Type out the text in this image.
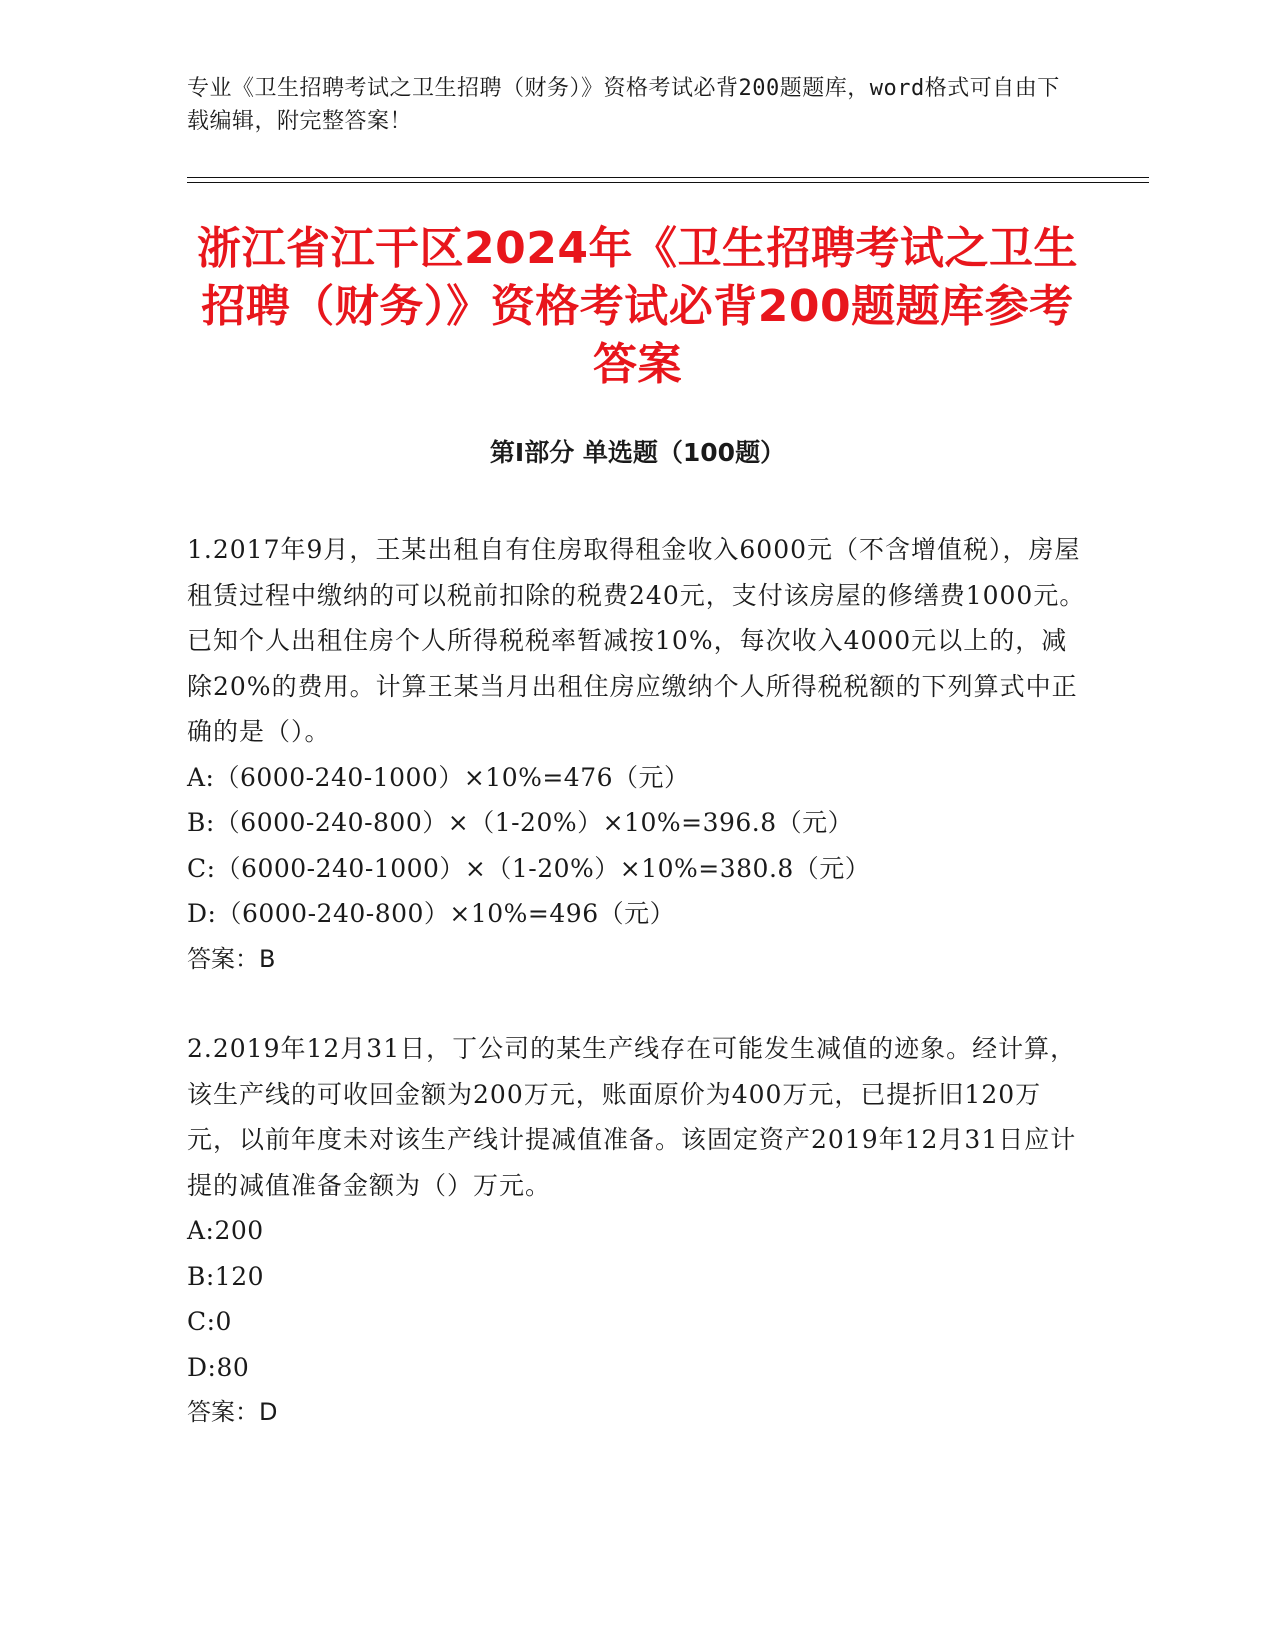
专业《卫生招聘考试之卫生招聘（财务）》资格考试必背200题题库，word格式可自由下载编辑，附完整答案！
浙江省江干区2024年《卫生招聘考试之卫生招聘（财务）》资格考试必背200题题库参考答案
第I部分 单选题（100题）

1.2017年9月，王某出租自有住房取得租金收入6000元（不含增值税），房屋租赁过程中缴纳的可以税前扣除的税费240元，支付该房屋的修缮费1000元。已知个人出租住房个人所得税税率暂减按10%，每次收入4000元以上的，减除20%的费用。计算王某当月出租住房应缴纳个人所得税税额的下列算式中正确的是（）。

A:（6000-240-1000）×10%=476（元）

B:（6000-240-800）×（1-20%）×10%=396.8（元）

C:（6000-240-1000）×（1-20%）×10%=380.8（元）

D:（6000-240-800）×10%=496（元）

答案：B

2.2019年12月31日，丁公司的某生产线存在可能发生减值的迹象。经计算，该生产线的可收回金额为200万元，账面原价为400万元，已提折旧120万元，以前年度未对该生产线计提减值准备。该固定资产2019年12月31日应计提的减值准备金额为（）万元。

A:200

B:120

C:0

D:80

答案：D
